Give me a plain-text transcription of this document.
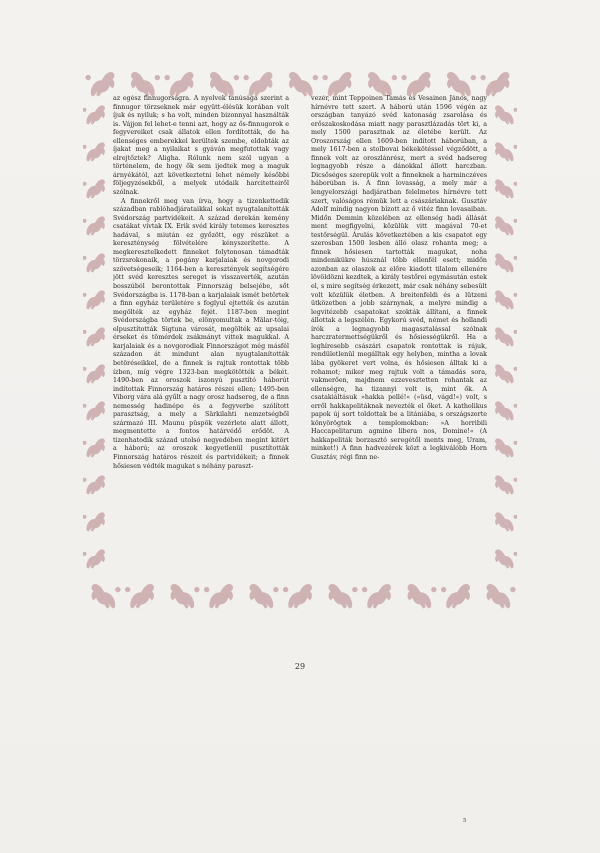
az egész finnugorságra. A nyelvek tanúsága szerint a finnugor törzseknek már együtt-élésük korában volt íjuk és nyiluk; s ha volt, minden bizonnyal használták is. Vájjon fel lehet-e tenni azt, hogy az ős-finnugorok e fegyvereiket csak állatok ellen fordították, de ha ellenséges emberekkel kerültek szembe, eldobták az íjakat meg a nyilaikat s gyáván megfutottak vagy elrejtőztek? Aligha. Rólunk nem szól ugyan a történelem, de hogy ők sem ijedtek meg a maguk árnyékától, azt következtetni lehet némely későbbi följegyzésekből, a melyek utódaik harcitetteiről szólnak.

A finnekről meg van írva, hogy a tizenkettedik században rablóhadjárataikkal sokat nyugtalanították Svédország partvidékeit. A század derekán kemény csatákat vívtak IX. Erik svéd király tetemes keresztes hadával, s miután ez győzött, egy részüket a kereszténység fölvételére kényszerítette. A megkeresztelkedett finneket folytonosan támadták törzsrokonaik, a pogány karjalaiak és novgorodi szövetségeseik; 1164-ben a keresztények segítségére jött svéd keresztes sereget is visszaverték, azután bosszúból berontottak Finnország belsejébe, sőt Svédországba is. 1178-ban a karjalaiak ismét betörtek a finn egyház területére s foglyul ejtették és azután megölték az egyház fejét. 1187-ben megint Svédországba törtek be, elönyomultak a Mälar-tóig, elpusztították Sigtuna városát, megölték az upsalai érseket és tömérdek zsákmányt vittek magukkal. A karjalaiak és a novgorodiak Finnországot még másfél századon át mindunt alan nyugtalanították betöréseikkel, de a finnek is rajtuk rontottak több ízben, míg végre 1323-ban megkötötték a békét. 1490-ben az oroszok iszonyú pusztító háborút indítottak Finnország határos részei ellen; 1495-ben Viborg vára alá gyűlt a nagy orosz hadsereg, de a finn nemesség hadinépe és a fegyverbe szólított parasztság, a mely a Särkilahti nemzetségből származó III. Maunu püspök vezérlete alatt állott, megmentette a fontos határvédő erődöt. A tizenhatodik század utolsó negyedében megint kitört a háború; az oroszok kegyetlenül pusztították Finnország határos részeit és partvidékeit; a finnek hősiesen védték magukat s néhány paraszt-

vezér, mint Teppoinen Tamás és Vesainen János, nagy hírnévre tett szert. A háború után 1596 végén az országban tanyázó svéd katonaság zsarolása és erőszakoskodása miatt nagy parasztlázadás tört ki, a mely 1500 parasztnak az életébe került. Az Oroszország ellen 1609-ben indított háborúban, a mely 1617-ben a stolbovai békekötéssel végződött, a finnek volt az oroszlánrész, mert a svéd hadsereg legnagyobb része a dánokkal állott harczban. Dicsőséges szerepük volt a finneknek a harminczéves háborúban is. A finn lovasság, a mely már a lengyelországi hadjáratban felelmetes hírnévre tett szert, valóságos rémük lett a császáriaknak. Gusztáv Adolf mindig nagyon bízott az ő vitéz finn lovasaiban. Midőn Demmin közelében az ellenség hadi állását ment megfigyelni, közülük vitt magával 70-et testőrségül. Árulás következtében a kis csapatot egy szerosban 1500 lesben álló olasz rohanta meg; a finnek hősiesen tartották magukat, noha mindenikükre húsznál több ellenfél esett; midőn azonban az olaszok az előre kiadott tilalom ellenére lövöldözni kezdtek, a király testőrei egymásután estek el, s mire segítség érkezett, már csak néhány sebesült volt közülük életben. A breitenfeldi és a lützeni ütközetben a jobb szárnynak, a melyre mindig a legvitézebb csapatokat szokták állítani, a finnek állottak a legszélén. Egykorú svéd, német és hollandi írók a legnagyobb magasztalással szólnak harczratermettségükről és hősiességükről. Ha a leghíresebb császári csapatok rontottak is rájuk, rendületlenül megálltak egy helyben, mintha a lovak lába gyökeret vert volna, és hősiesen álltak ki a rohamot; miker meg rajtuk volt a támadás sora, vakmerően, majdnem ezzevesztetten rohantak az ellenségre, ha tizannyi volt is, mint ők. A csatakiáltásuk »hakka pellé!« (»üsd, vágd!«) volt, s erről hakkapelitáknak nevezték el őket. A katholikus papok új sort toldottak be a litániába, s országszerte könyörögtek a templomokban: »A horribili Haccapelitarum agmine libera nos, Domine!« (A hakkapeliták borzasztó seregétől ments meg, Uram, minket!) A finn hadvezérek közt a legkiválóbb Horn Gusztáv, régi finn ne-

29
5
